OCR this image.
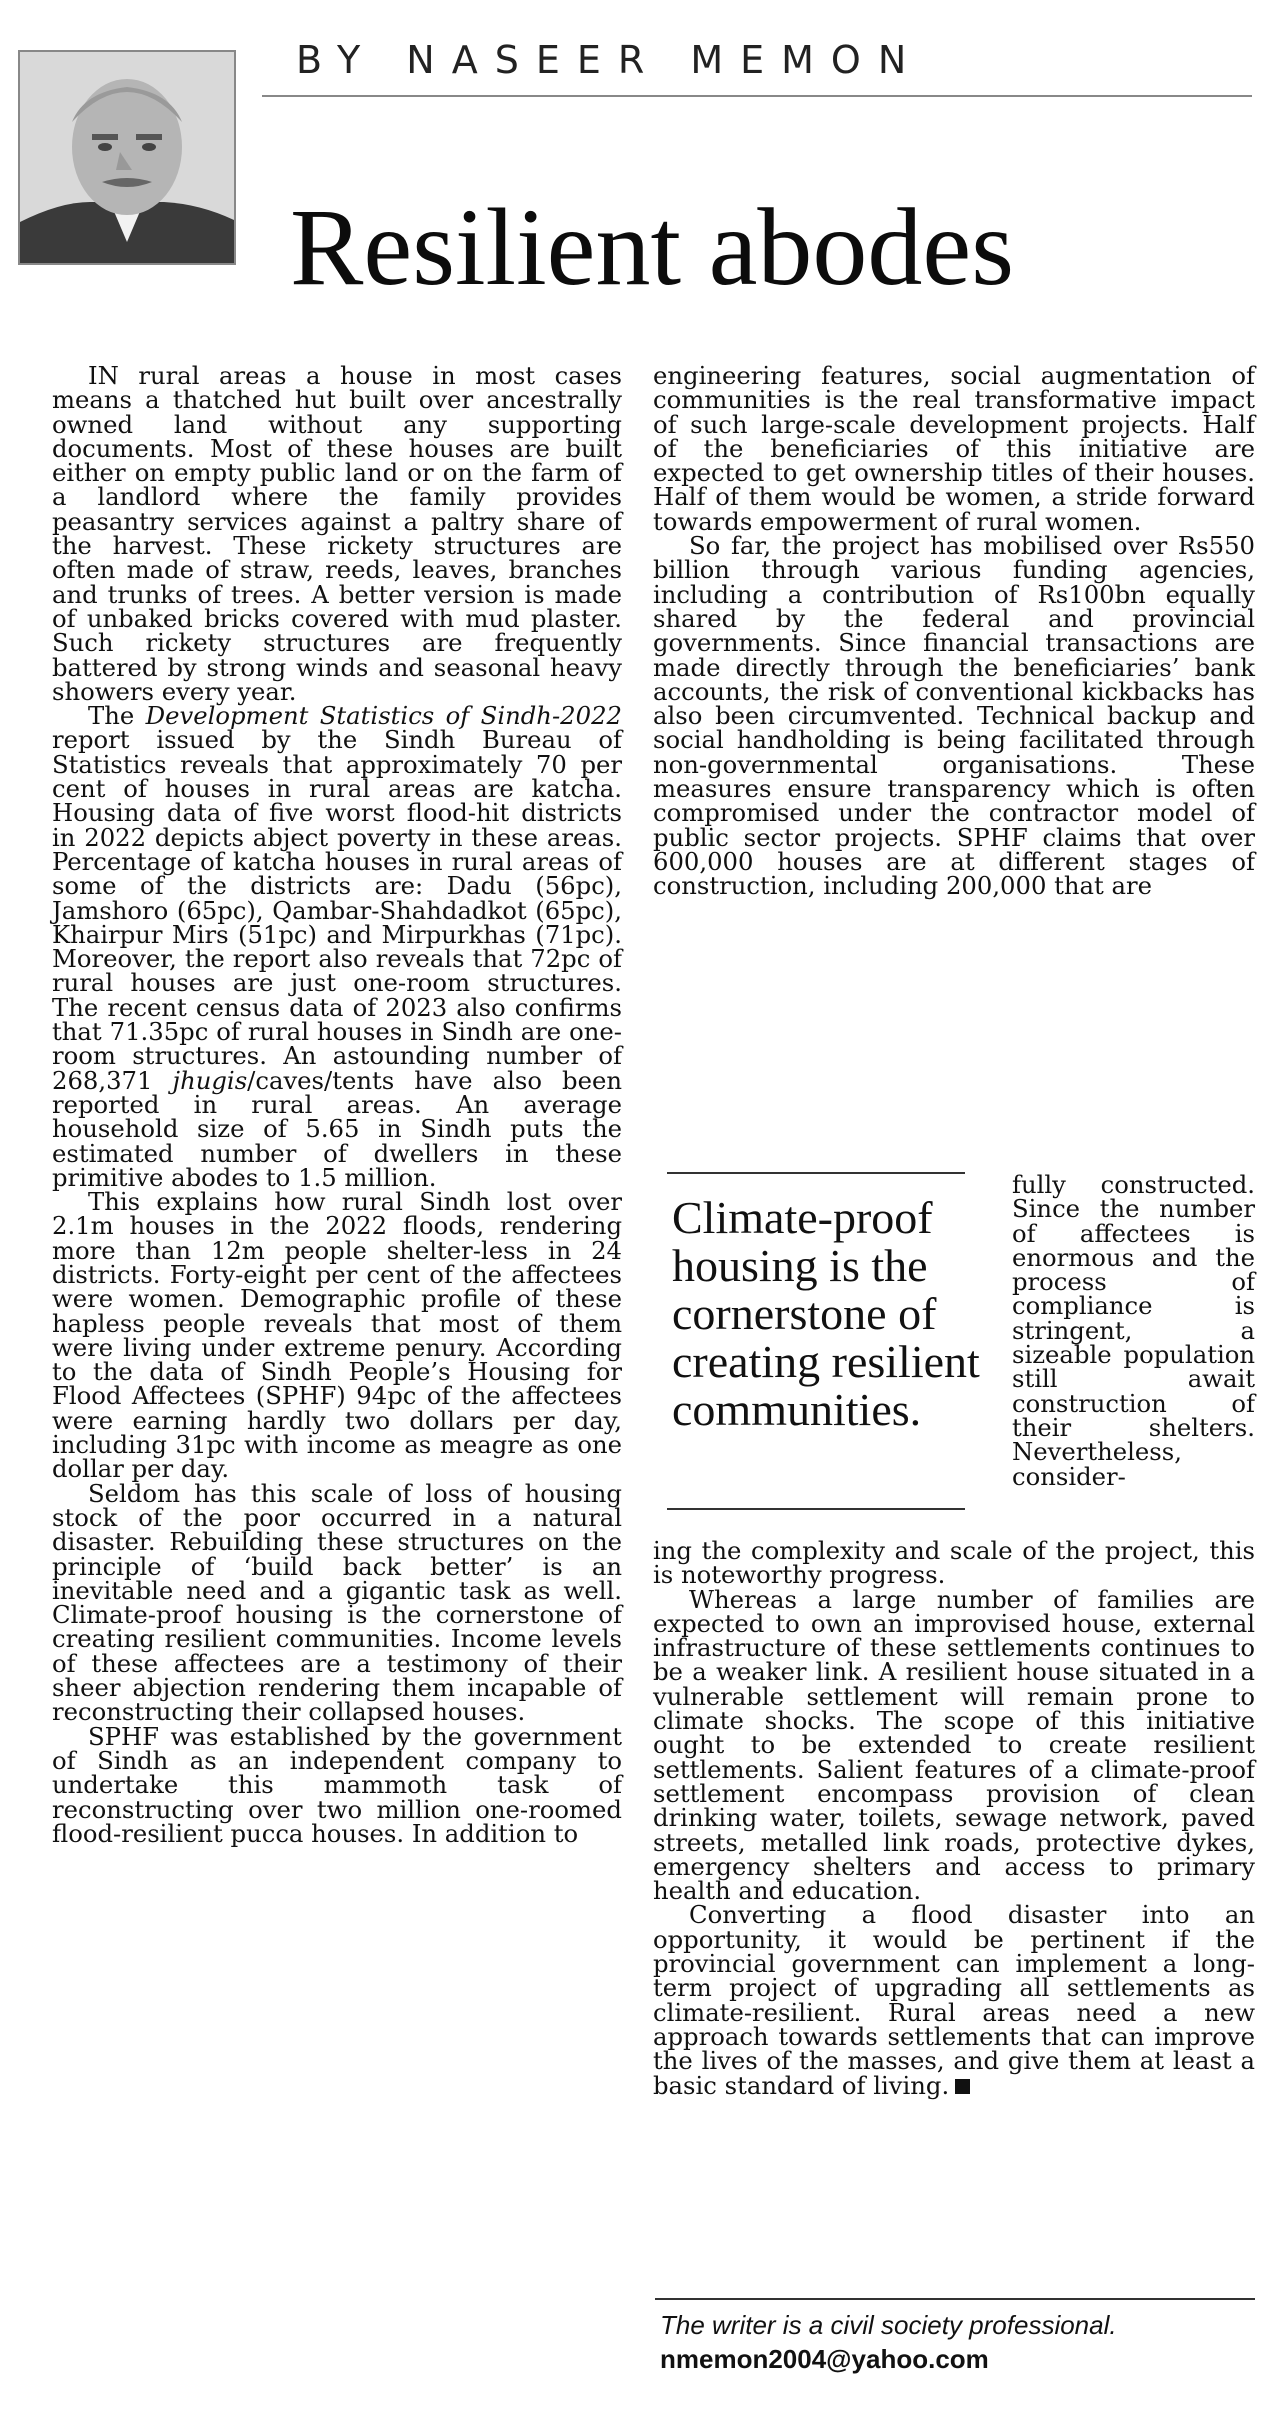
BY NASEER MEMON
Resilient abodes

IN rural areas a house in most cases means a thatched hut built over ancestrally owned land without any supporting documents. Most of these houses are built either on empty public land or on the farm of a landlord where the family provides peasantry services against a paltry share of the harvest. These rickety structures are often made of straw, reeds, leaves, branches and trunks of trees. A better version is made of unbaked bricks covered with mud plaster. Such rickety structures are frequently battered by strong winds and seasonal heavy showers every year.

The Development Statistics of Sindh-2022 report issued by the Sindh Bureau of Statistics reveals that approximately 70 per cent of houses in rural areas are katcha. Housing data of five worst flood-hit districts in 2022 depicts abject poverty in these areas. Percentage of katcha houses in rural areas of some of the districts are: Dadu (56pc), Jamshoro (65pc), Qambar-Shahdadkot (65pc), Khairpur Mirs (51pc) and Mirpurkhas (71pc). Moreover, the report also reveals that 72pc of rural houses are just one-room structures. The recent census data of 2023 also confirms that 71.35pc of rural houses in Sindh are one-room structures. An astounding number of 268,371 jhugis/caves/tents have also been reported in rural areas. An average household size of 5.65 in Sindh puts the estimated number of dwellers in these primitive abodes to 1.5 million.

This explains how rural Sindh lost over 2.1m houses in the 2022 floods, rendering more than 12m people shelter-less in 24 districts. Forty-eight per cent of the affectees were women. Demographic profile of these hapless people reveals that most of them were living under extreme penury. According to the data of Sindh People’s Housing for Flood Affectees (SPHF) 94pc of the affectees were earning hardly two dollars per day, including 31pc with income as meagre as one dollar per day.

Seldom has this scale of loss of housing stock of the poor occurred in a natural disaster. Rebuilding these structures on the principle of ‘build back better’ is an inevitable need and a gigantic task as well. Climate-proof housing is the cornerstone of creating resilient communities. Income levels of these affectees are a testimony of their sheer abjection rendering them incapable of reconstructing their collapsed houses.

SPHF was established by the government of Sindh as an independent company to undertake this mammoth task of reconstructing over two million one-roomed flood-resilient pucca houses. In addition to

engineering features, social augmentation of communities is the real transformative impact of such large-scale development projects. Half of the beneficiaries of this initiative are expected to get ownership titles of their houses. Half of them would be women, a stride forward towards empowerment of rural women.

So far, the project has mobilised over Rs550 billion through various funding agencies, including a contribution of Rs100bn equally shared by the federal and provincial governments. Since financial transactions are made directly through the beneficiaries’ bank accounts, the risk of conventional kickbacks has also been circumvented. Technical backup and social handholding is being facilitated through non-governmental organisations. These measures ensure transparency which is often compromised under the contractor model of public sector projects. SPHF claims that over 600,000 houses are at different stages of construction, including 200,000 that are

Climate-proof housing is the cornerstone of creating resilient communities.

fully constructed. Since the number of affectees is enormous and the process of compliance is stringent, a sizeable population still await construction of their shelters. Nevertheless, consider-

ing the complexity and scale of the project, this is noteworthy progress.

Whereas a large number of families are expected to own an improvised house, external infrastructure of these settlements continues to be a weaker link. A resilient house situated in a vulnerable settlement will remain prone to climate shocks. The scope of this initiative ought to be extended to create resilient settlements. Salient features of a climate-proof settlement encompass provision of clean drinking water, toilets, sewage network, paved streets, metalled link roads, protective dykes, emergency shelters and access to primary health and education.

Converting a flood disaster into an opportunity, it would be pertinent if the provincial government can implement a long-term project of upgrading all settlements as climate-resilient. Rural areas need a new approach towards settlements that can improve the lives of the masses, and give them at least a basic standard of living.

The writer is a civil society professional.
nmemon2004@yahoo.com
